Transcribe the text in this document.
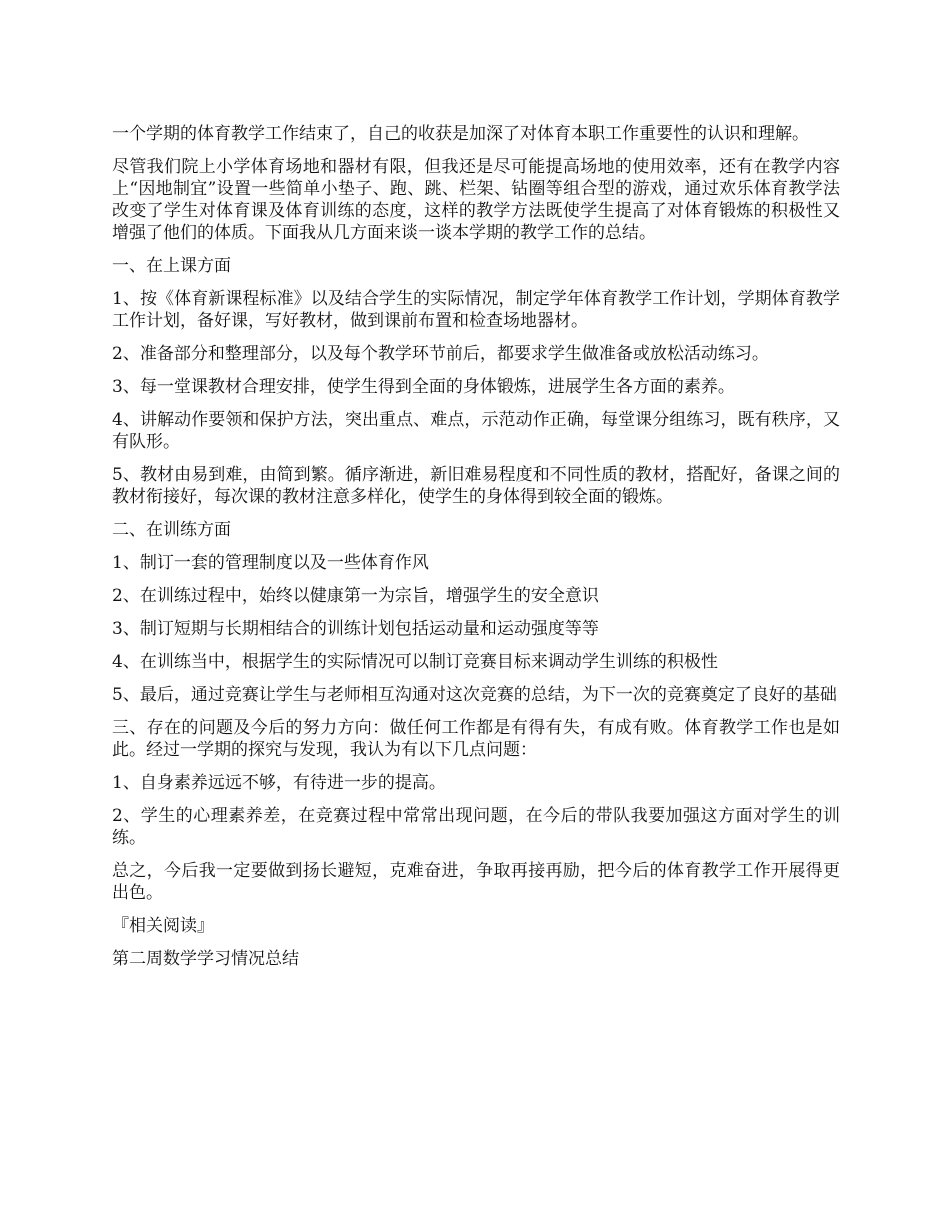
一个学期的体育教学工作结束了，自己的收获是加深了对体育本职工作重要性的认识和理解。

尽管我们院上小学体育场地和器材有限，但我还是尽可能提高场地的使用效率，还有在教学内容上“因地制宜”设置一些简单小垫子、跑、跳、栏架、钻圈等组合型的游戏，通过欢乐体育教学法改变了学生对体育课及体育训练的态度，这样的教学方法既使学生提高了对体育锻炼的积极性又增强了他们的体质。下面我从几方面来谈一谈本学期的教学工作的总结。

一、在上课方面

1、按《体育新课程标准》以及结合学生的实际情况，制定学年体育教学工作计划，学期体育教学工作计划，备好课，写好教材，做到课前布置和检查场地器材。

2、准备部分和整理部分，以及每个教学环节前后，都要求学生做准备或放松活动练习。

3、每一堂课教材合理安排，使学生得到全面的身体锻炼，进展学生各方面的素养。

4、讲解动作要领和保护方法，突出重点、难点，示范动作正确，每堂课分组练习，既有秩序，又有队形。

5、教材由易到难，由简到繁。循序渐进，新旧难易程度和不同性质的教材，搭配好，备课之间的教材衔接好，每次课的教材注意多样化，使学生的身体得到较全面的锻炼。

二、在训练方面

1、制订一套的管理制度以及一些体育作风

2、在训练过程中，始终以健康第一为宗旨，增强学生的安全意识

3、制订短期与长期相结合的训练计划包括运动量和运动强度等等

4、在训练当中，根据学生的实际情况可以制订竞赛目标来调动学生训练的积极性

5、最后，通过竞赛让学生与老师相互沟通对这次竞赛的总结，为下一次的竞赛奠定了良好的基础

三、存在的问题及今后的努力方向：做任何工作都是有得有失，有成有败。体育教学工作也是如此。经过一学期的探究与发现，我认为有以下几点问题：

1、自身素养远远不够，有待进一步的提高。

2、学生的心理素养差，在竞赛过程中常常出现问题，在今后的带队我要加强这方面对学生的训练。

总之，今后我一定要做到扬长避短，克难奋进，争取再接再励，把今后的体育教学工作开展得更出色。

『相关阅读』

第二周数学学习情况总结
